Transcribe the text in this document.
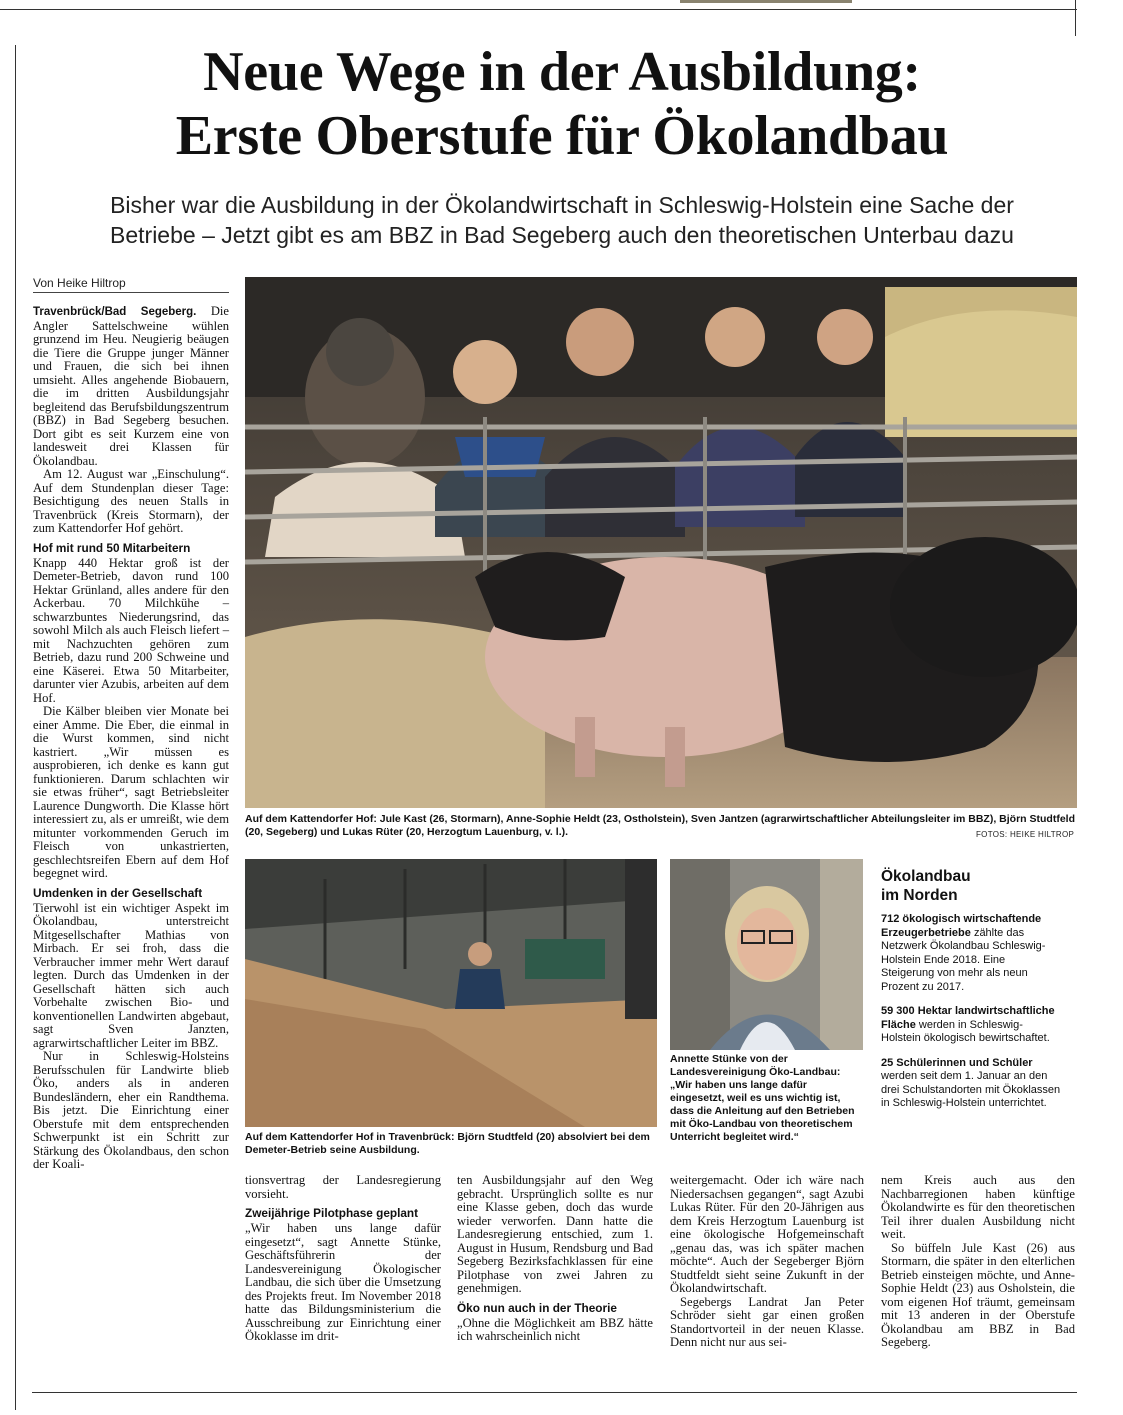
Neue Wege in der Ausbildung:
Erste Oberstufe für Ökolandbau
Bisher war die Ausbildung in der Ökolandwirtschaft in Schleswig-Holstein eine Sache der
Betriebe – Jetzt gibt es am BBZ in Bad Segeberg auch den theoretischen Unterbau dazu
Von Heike Hiltrop

Travenbrück/Bad Segeberg. Die Angler Sattelschweine wühlen grunzend im Heu. Neugierig beäugen die Tiere die Gruppe junger Männer und Frauen, die sich bei ihnen umsieht. Alles angehende Biobauern, die im dritten Ausbildungsjahr begleitend das Berufsbildungszentrum (BBZ) in Bad Segeberg besuchen. Dort gibt es seit Kurzem eine von landesweit drei Klassen für Ökolandbau.

Am 12. August war „Einschulung“. Auf dem Stundenplan dieser Tage: Besichtigung des neuen Stalls in Travenbrück (Kreis Stormarn), der zum Kattendorfer Hof gehört.

Hof mit rund 50 Mitarbeitern

Knapp 440 Hektar groß ist der Demeter-Betrieb, davon rund 100 Hektar Grünland, alles andere für den Ackerbau. 70 Milchkühe – schwarzbuntes Niederungsrind, das sowohl Milch als auch Fleisch liefert – mit Nachzuchten gehören zum Betrieb, dazu rund 200 Schweine und eine Käserei. Etwa 50 Mitarbeiter, darunter vier Azubis, arbeiten auf dem Hof.

Die Kälber bleiben vier Monate bei einer Amme. Die Eber, die einmal in die Wurst kommen, sind nicht kastriert. „Wir müssen es ausprobieren, ich denke es kann gut funktionieren. Darum schlachten wir sie etwas früher“, sagt Betriebsleiter Laurence Dungworth. Die Klasse hört interessiert zu, als er umreißt, wie dem mitunter vorkommenden Geruch im Fleisch von unkastrierten, geschlechtsreifen Ebern auf dem Hof begegnet wird.

Umdenken in der Gesellschaft

Tierwohl ist ein wichtiger Aspekt im Ökolandbau, unterstreicht Mitgesellschafter Mathias von Mirbach. Er sei froh, dass die Verbraucher immer mehr Wert darauf legten. Durch das Umdenken in der Gesellschaft hätten sich auch Vorbehalte zwischen Bio- und konventionellen Landwirten abgebaut, sagt Sven Janzten, agrarwirtschaftlicher Leiter im BBZ.

Nur in Schleswig-Holsteins Berufsschulen für Landwirte blieb Öko, anders als in anderen Bundesländern, eher ein Randthema. Bis jetzt. Die Einrichtung einer Oberstufe mit dem entsprechenden Schwerpunkt ist ein Schritt zur Stärkung des Ökolandbaus, den schon der Koali-

Auf dem Kattendorfer Hof: Jule Kast (26, Stormarn), Anne-Sophie Heldt (23, Ostholstein), Sven Jantzen (agrarwirtschaftlicher Abteilungsleiter im BBZ), Björn Studtfeld (20, Segeberg) und Lukas Rüter (20, Herzogtum Lauenburg, v. l.).	FOTOS: HEIKE HILTROP
Auf dem Kattendorfer Hof in Travenbrück: Björn Studtfeld (20) absolviert bei dem Demeter-Betrieb seine Ausbildung.
Annette Stünke von der Landesvereinigung Öko-Landbau: „Wir haben uns lange dafür eingesetzt, weil es uns wichtig ist, dass die Anleitung auf den Betrieben mit Öko-Landbau von theoretischem Unterricht begleitet wird.“
Ökolandbau
im Norden

712 ökologisch wirtschaftende Erzeugerbetriebe zählte das Netzwerk Ökolandbau Schleswig-Holstein Ende 2018. Eine Steigerung von mehr als neun Prozent zu 2017.

59 300 Hektar landwirtschaftliche Fläche werden in Schleswig-Holstein ökologisch bewirtschaftet.

25 Schülerinnen und Schüler werden seit dem 1. Januar an den drei Schulstandorten mit Ökoklassen in Schleswig-Holstein unterrichtet.

tionsvertrag der Landesregierung vorsieht.

Zweijährige Pilotphase geplant

„Wir haben uns lange dafür eingesetzt“, sagt Annette Stünke, Geschäftsführerin der Landesvereinigung Ökologischer Landbau, die sich über die Umsetzung des Projekts freut. Im November 2018 hatte das Bildungsministerium die Ausschreibung zur Einrichtung einer Ökoklasse im drit-

ten Ausbildungsjahr auf den Weg gebracht. Ursprünglich sollte es nur eine Klasse geben, doch das wurde wieder verworfen. Dann hatte die Landesregierung entschied, zum 1. August in Husum, Rendsburg und Bad Segeberg Bezirksfachklassen für eine Pilotphase von zwei Jahren zu genehmigen.

Öko nun auch in der Theorie

„Ohne die Möglichkeit am BBZ hätte ich wahrscheinlich nicht

weitergemacht. Oder ich wäre nach Niedersachsen gegangen“, sagt Azubi Lukas Rüter. Für den 20-Jährigen aus dem Kreis Herzogtum Lauenburg ist eine ökologische Hofgemeinschaft „genau das, was ich später machen möchte“. Auch der Segeberger Björn Studtfeldt sieht seine Zukunft in der Ökolandwirtschaft.

Segebergs Landrat Jan Peter Schröder sieht gar einen großen Standortvorteil in der neuen Klasse. Denn nicht nur aus sei-

nem Kreis auch aus den Nachbarregionen haben künftige Ökolandwirte es für den theoretischen Teil ihrer dualen Ausbildung nicht weit.

So büffeln Jule Kast (26) aus Stormarn, die später in den elterlichen Betrieb einsteigen möchte, und Anne-Sophie Heldt (23) aus Osholstein, die vom eigenen Hof träumt, gemeinsam mit 13 anderen in der Oberstufe Ökolandbau am BBZ in Bad Segeberg.
